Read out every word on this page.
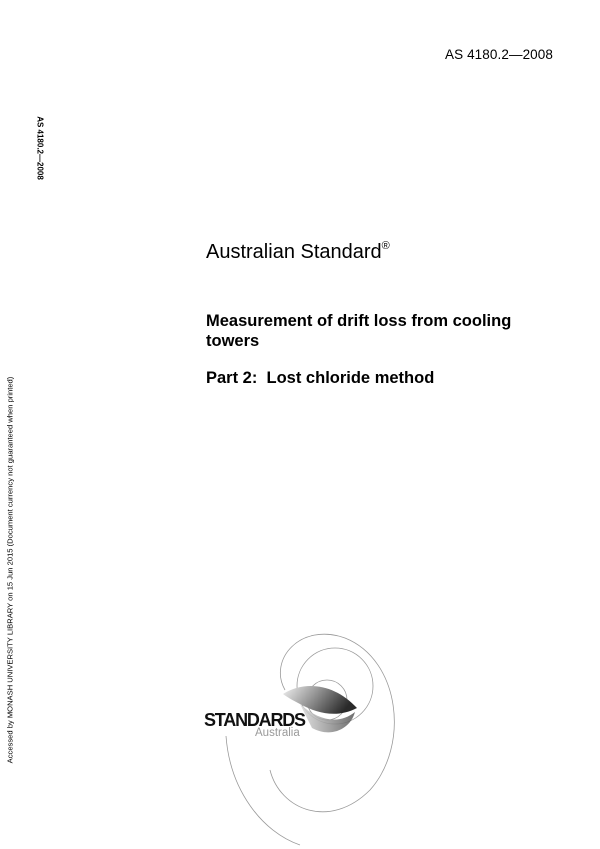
AS 4180.2—2008
AS 4180.2—2008
Accessed by MONASH UNIVERSITY LIBRARY on 15 Jun 2015 (Document currency not guaranteed when printed)
Australian Standard®
Measurement of drift loss from cooling towers
Part 2:  Lost chloride method
STANDARDS
Australia
